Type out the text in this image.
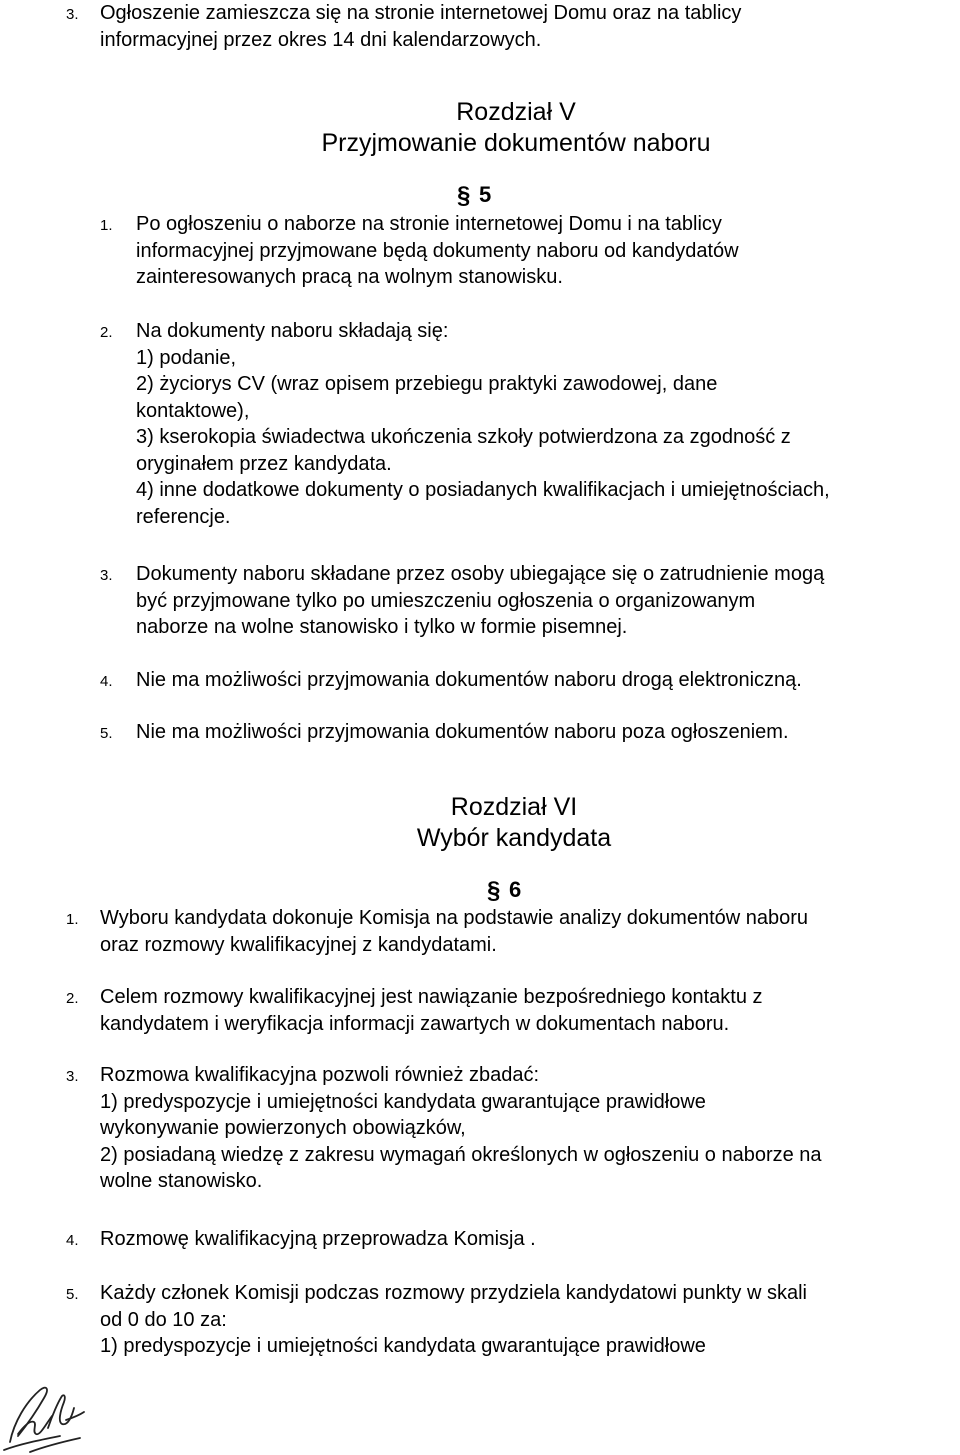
3. Ogłoszenie zamieszcza się na stronie internetowej Domu oraz na tablicy
informacyjnej przez okres 14 dni kalendarzowych.
Rozdział V
Przyjmowanie dokumentów naboru
§ 5
1. Po ogłoszeniu o naborze na stronie internetowej Domu i na tablicy
informacyjnej przyjmowane będą dokumenty naboru od kandydatów
zainteresowanych pracą na wolnym stanowisku.
2. Na dokumenty naboru składają się:
1) podanie,
2) życiorys CV (wraz opisem przebiegu praktyki zawodowej, dane
kontaktowe),
3) kserokopia świadectwa ukończenia szkoły potwierdzona za zgodność z
oryginałem przez kandydata.
4) inne dodatkowe dokumenty o posiadanych kwalifikacjach i umiejętnościach,
referencje.
3. Dokumenty naboru składane przez osoby ubiegające się o zatrudnienie mogą
być przyjmowane tylko po umieszczeniu ogłoszenia o organizowanym
naborze na wolne stanowisko i tylko w formie pisemnej.
4. Nie ma możliwości przyjmowania dokumentów naboru drogą elektroniczną.
5. Nie ma możliwości przyjmowania dokumentów naboru poza ogłoszeniem.
Rozdział VI
Wybór kandydata
§ 6
1. Wyboru kandydata dokonuje Komisja na podstawie analizy dokumentów naboru
oraz rozmowy kwalifikacyjnej z kandydatami.
2. Celem rozmowy kwalifikacyjnej jest nawiązanie bezpośredniego kontaktu z
kandydatem i weryfikacja informacji zawartych w dokumentach naboru.
3. Rozmowa kwalifikacyjna pozwoli również zbadać:
1) predyspozycje i umiejętności kandydata gwarantujące prawidłowe
wykonywanie powierzonych obowiązków,
2) posiadaną wiedzę z zakresu wymagań określonych w ogłoszeniu o naborze na
wolne stanowisko.
4. Rozmowę kwalifikacyjną przeprowadza Komisja .
5. Każdy członek Komisji podczas rozmowy przydziela kandydatowi punkty w skali
od 0 do 10 za:
1) predyspozycje i umiejętności kandydata gwarantujące prawidłowe
